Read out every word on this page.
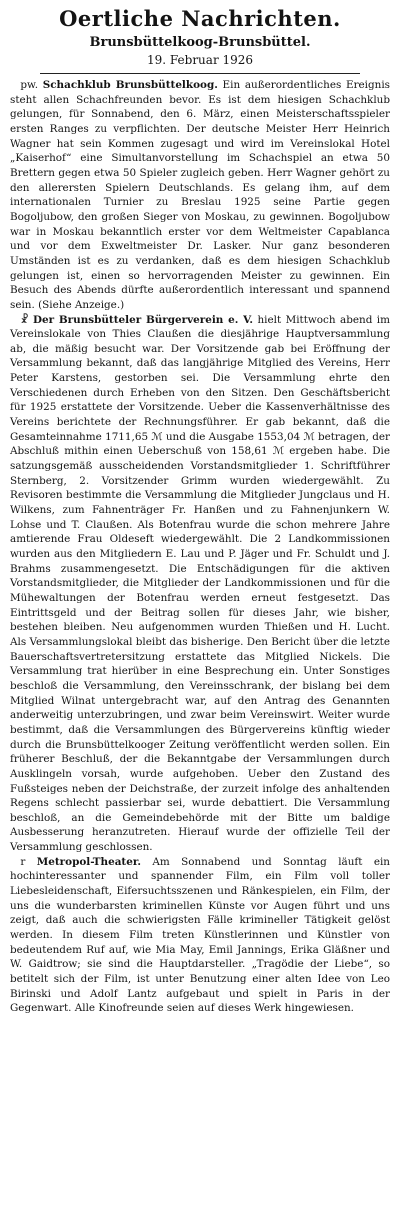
Oertliche Nachrichten.
Brunsbüttelkoog-Brunsbüttel.
19. Februar 1926

 pw. Schachklub Brunsbüttelkoog. Ein außerordentliches Ereignis steht allen Schachfreunden bevor. Es ist dem hiesigen Schachklub gelungen, für Sonnabend, den 6. März, einen Meisterschaftsspieler ersten Ranges zu verpflichten. Der deutsche Meister Herr Heinrich Wagner hat sein Kommen zugesagt und wird im Vereinslokal Hotel „Kaiserhof“ eine Simultanvorstellung im Schachspiel an etwa 50 Brettern gegen etwa 50 Spieler zugleich geben. Herr Wagner gehört zu den allerersten Spielern Deutschlands. Es gelang ihm, auf dem internationalen Turnier zu Breslau 1925 seine Partie gegen Bogoljubow, den großen Sieger von Moskau, zu gewinnen. Bogoljubow war in Moskau bekanntlich erster vor dem Weltmeister Capablanca und vor dem Exweltmeister Dr. Lasker. Nur ganz besonderen Umständen ist es zu verdanken, daß es dem hiesigen Schachklub gelungen ist, einen so hervorragenden Meister zu gewinnen. Ein Besuch des Abends dürfte außerordentlich interessant und spannend sein. (Siehe Anzeige.)

 ☧ Der Brunsbütteler Bürgerverein e. V. hielt Mittwoch abend im Vereinslokale von Thies Claußen die diesjährige Hauptversammlung ab, die mäßig besucht war. Der Vorsitzende gab bei Eröffnung der Versammlung bekannt, daß das langjährige Mitglied des Vereins, Herr Peter Karstens, gestorben sei. Die Versammlung ehrte den Verschiedenen durch Erheben von den Sitzen. Den Geschäftsbericht für 1925 erstattete der Vorsitzende. Ueber die Kassenverhältnisse des Vereins berichtete der Rechnungsführer. Er gab bekannt, daß die Gesamteinnahme 1711,65 ℳ und die Ausgabe 1553,04 ℳ betragen, der Abschluß mithin einen Ueberschuß von 158,61 ℳ ergeben habe. Die satzungsgemäß ausscheidenden Vorstandsmitglieder 1. Schriftführer Sternberg, 2. Vorsitzender Grimm wurden wiedergewählt. Zu Revisoren bestimmte die Versammlung die Mitglieder Jungclaus und H. Wilkens, zum Fahnenträger Fr. Hanßen und zu Fahnenjunkern W. Lohse und T. Claußen. Als Botenfrau wurde die schon mehrere Jahre amtierende Frau Oldeseft wiedergewählt. Die 2 Landkommissionen wurden aus den Mitgliedern E. Lau und P. Jäger und Fr. Schuldt und J. Brahms zusammengesetzt. Die Entschädigungen für die aktiven Vorstandsmitglieder, die Mitglieder der Landkommissionen und für die Mühewaltungen der Botenfrau werden erneut festgesetzt. Das Eintrittsgeld und der Beitrag sollen für dieses Jahr, wie bisher, bestehen bleiben. Neu aufgenommen wurden Thießen und H. Lucht. Als Versammlungslokal bleibt das bisherige. Den Bericht über die letzte Bauerschaftsvertretersitzung erstattete das Mitglied Nickels. Die Versammlung trat hierüber in eine Besprechung ein. Unter Sonstiges beschloß die Versammlung, den Vereinsschrank, der bislang bei dem Mitglied Wilnat untergebracht war, auf den Antrag des Genannten anderweitig unterzubringen, und zwar beim Vereinswirt. Weiter wurde bestimmt, daß die Versammlungen des Bürgervereins künftig wieder durch die Brunsbüttelkooger Zeitung veröffentlicht werden sollen. Ein früherer Beschluß, der die Bekanntgabe der Versammlungen durch Ausklingeln vorsah, wurde aufgehoben. Ueber den Zustand des Fußsteiges neben der Deichstraße, der zurzeit infolge des anhaltenden Regens schlecht passierbar sei, wurde debattiert. Die Versammlung beschloß, an die Gemeindebehörde mit der Bitte um baldige Ausbesserung heranzutreten. Hierauf wurde der offizielle Teil der Versammlung geschlossen.

 r Metropol-Theater. Am Sonnabend und Sonntag läuft ein hochinteressanter und spannender Film, ein Film voll toller Liebesleidenschaft, Eifersuchtsszenen und Ränkespielen, ein Film, der uns die wunderbarsten kriminellen Künste vor Augen führt und uns zeigt, daß auch die schwierigsten Fälle krimineller Tätigkeit gelöst werden. In diesem Film treten Künstlerinnen und Künstler von bedeutendem Ruf auf, wie Mia May, Emil Jannings, Erika Gläßner und W. Gaidtrow; sie sind die Hauptdarsteller. „Tragödie der Liebe“, so betitelt sich der Film, ist unter Benutzung einer alten Idee von Leo Birinski und Adolf Lantz aufgebaut und spielt in Paris in der Gegenwart. Alle Kinofreunde seien auf dieses Werk hingewiesen.
